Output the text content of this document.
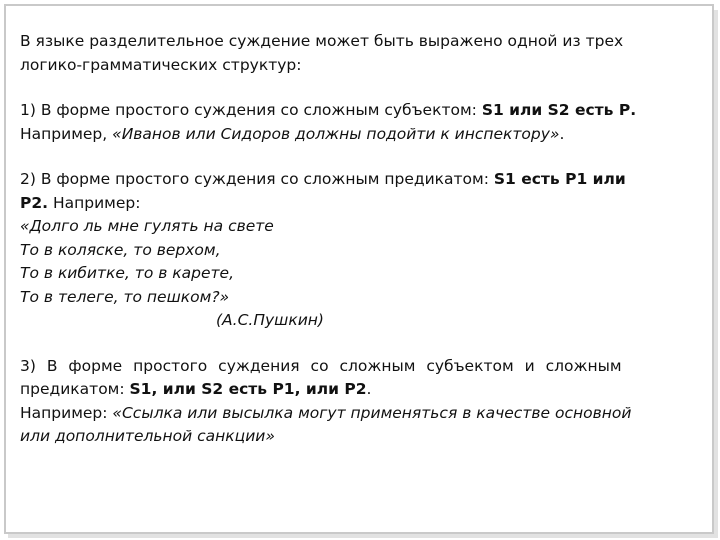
В языке разделительное суждение может быть выражено одной из трех
логико-грамматических структур:

1) В форме простого суждения со сложным субъектом: S1 или S2 есть Р.
Например, «Иванов или Сидоров должны подойти к инспектору».

2) В форме простого суждения со сложным предикатом: S1 есть Р1 или
Р2. Например:
«Долго ль мне гулять на свете
То в коляске, то верхом,
То в кибитке, то в карете,
То в телеге, то пешком?»
(А.С.Пушкин)

3) В форме простого суждения со сложным субъектом и сложным
предикатом: S1, или S2 есть Р1, или Р2.
Например: «Ссылка или высылка могут применяться в качестве основной
или дополнительной санкции»
